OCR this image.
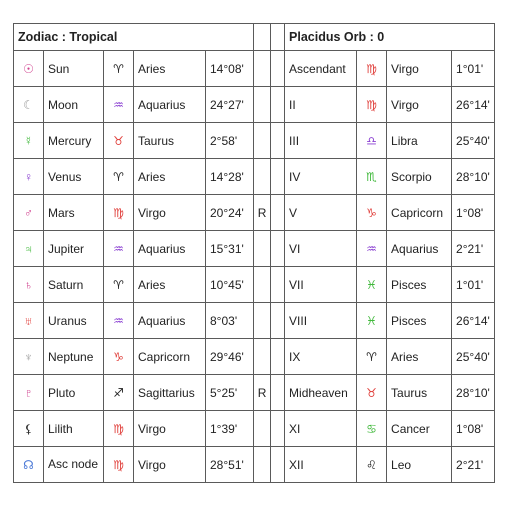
Zodiac : Tropical							Placidus Orb : 0			
☉	Sun	♈	Aries	14°08'			Ascendant	♍	Virgo	1°01'
☾	Moon	♒	Aquarius	24°27'			II	♍	Virgo	26°14'
☿	Mercury	♉	Taurus	2°58'			III	♎	Libra	25°40'
♀	Venus	♈	Aries	14°28'			IV	♏	Scorpio	28°10'
♂	Mars	♍	Virgo	20°24'	R		V	♑	Capricorn	1°08'
♃	Jupiter	♒	Aquarius	15°31'			VI	♒	Aquarius	2°21'
♄	Saturn	♈	Aries	10°45'			VII	♓	Pisces	1°01'
♅	Uranus	♒	Aquarius	8°03'			VIII	♓	Pisces	26°14'
♆	Neptune	♑	Capricorn	29°46'			IX	♈	Aries	25°40'
♇	Pluto	♐	Sagittarius	5°25'	R		Midheaven	♉	Taurus	28°10'
⚸	Lilith	♍	Virgo	1°39'			XI	♋	Cancer	1°08'
☊	Asc node	♍	Virgo	28°51'			XII	♌	Leo	2°21'
